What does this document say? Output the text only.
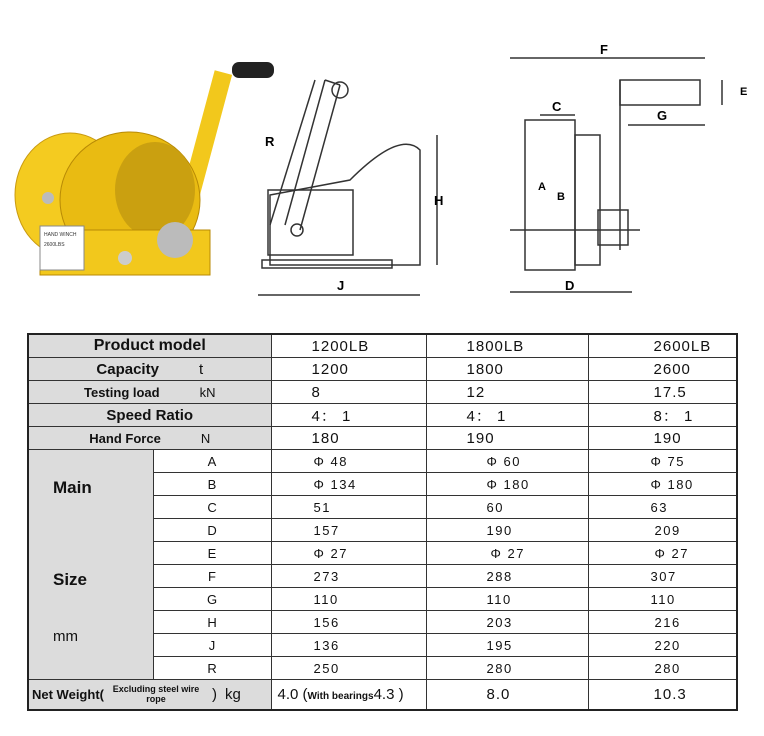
HAND WINCH
2600LBS
R
H
J
F
C
A
B
E
G
D
Product model		1200LB	1800LB	2600LB
Capacity t		1200	1800	2600
Testing load kN		8	12	17.5
Speed Ratio		4： 1	4： 1	8： 1
Hand Force N		180	190	190

Main
Size
mm	A	Φ 48	Φ 60	Φ 75
	B	Φ 134	Φ 180	Φ 180
	C	51	60	63
	D	157	190	209
	E	Φ 27	Φ 27	Φ 27
	F	273	288	307
	G	110	110	110
	H	156	203	216
	J	136	195	220
	R	250	280	280

Net Weight( Excluding steel wire rope ) kg		4.0 (With bearings4.3 )	8.0	10.3
